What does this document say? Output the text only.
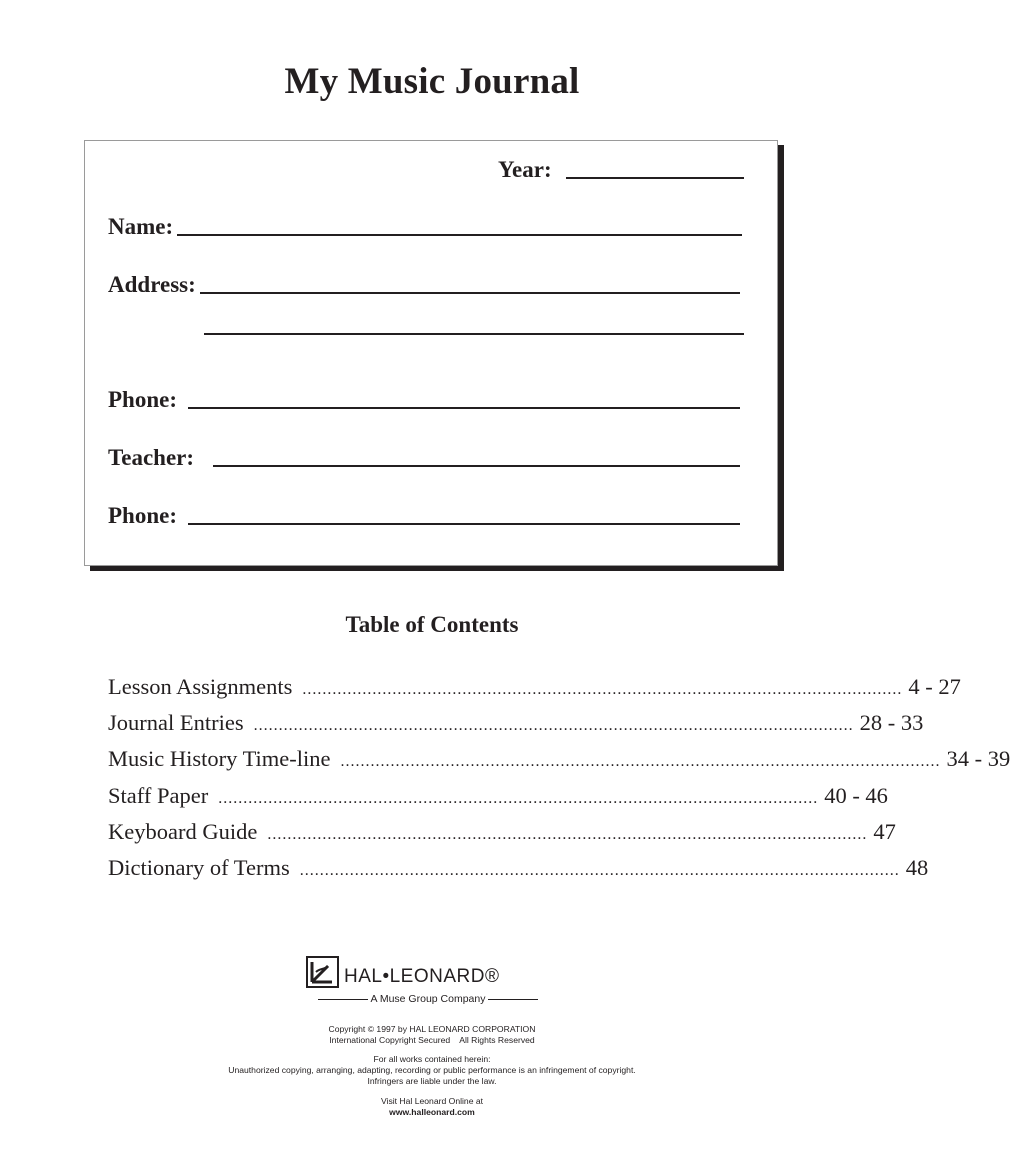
My Music Journal
Year:
Name:
Address:
Phone:
Teacher:
Phone:
Table of Contents
Lesson Assignments ........................................................................................................................ 4 - 27
Journal Entries ........................................................................................................................ 28 - 33
Music History Time-line ........................................................................................................................ 34 - 39
Staff Paper ........................................................................................................................ 40 - 46
Keyboard Guide ........................................................................................................................ 47
Dictionary of Terms ........................................................................................................................ 48
HAL•LEONARD®
A Muse Group Company
Copyright © 1997 by HAL LEONARD CORPORATION
International Copyright Secured    All Rights Reserved
For all works contained herein:
Unauthorized copying, arranging, adapting, recording or public performance is an infringement of copyright.
Infringers are liable under the law.
Visit Hal Leonard Online at
www.halleonard.com
